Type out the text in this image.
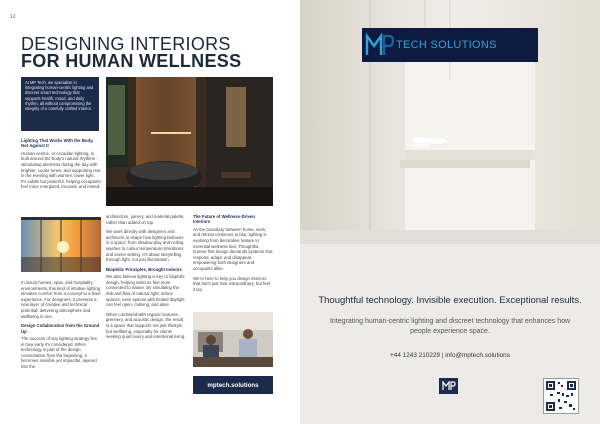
12
DESIGNING INTERIORS
FOR HUMAN WELLNESS
At MP Tech, we specialise in integrating human-centric lighting and discreet smart technology that supports health, mood, and daily rhythm, all without compromising the integrity of a carefully crafted interior.
Lighting That Works With the Body, Not Against It

Human-centric, or circadian lighting, is built around the body's natural rhythms - stimulating alertness during the day with brighter, cooler tones, and supporting rest in the evening with warmer, lower light. It's subtle but powerful, helping occupants feel more energised, focused, and rested.

In luxury homes, spas, and hospitality environments, this kind of intuitive lighting elevates comfort from a concept to a lived experience. For designers, it presents a new layer of creative and technical potential: delivering atmosphere and wellbeing in one.

Design Collaboration from the Ground Up

The success of any lighting strategy lies in how early it's considered. When technology is part of the design conversation from the beginning, it becomes invisible yet impactful, layered into the

architecture, joinery, and material palette, rather than added on top.

We work directly with designers and architects to shape how lighting behaves in a space: from shadow play and ceiling washes to colour temperature transitions and scene-setting. It's about storytelling through light, not just illumination.

Biophilic Principles, Brought Indoors

We also believe lighting is key to biophilic design, helping interiors feel more connected to nature. By simulating the ebb and flow of natural light, indoor spaces, even spaces with limited daylight can feel open, calming, and alive.

When combined with organic textures, greenery, and acoustic design, the result is a space that supports not just lifestyle, but wellbeing, especially for clients seeking quiet luxury and intentional living.

The Future of Wellness-Driven Interiors

As the boundary between home, work, and retreat continues to blur, lighting is evolving from decorative feature to essential wellness tool. Thoughtful, human-first design demands systems that respond, adapt, and disappear, empowering both designers and occupants alike.

We're here to help you design interiors that don't just look extraordinary, but feel it too.

mptech.solutions
TECH SOLUTIONS
Thoughtful technology. Invisible execution. Exceptional results.
Integrating human-centric lighting and discreet technology that enhances how people experience space.
+44 1243 210229 | info@mptech.solutions
